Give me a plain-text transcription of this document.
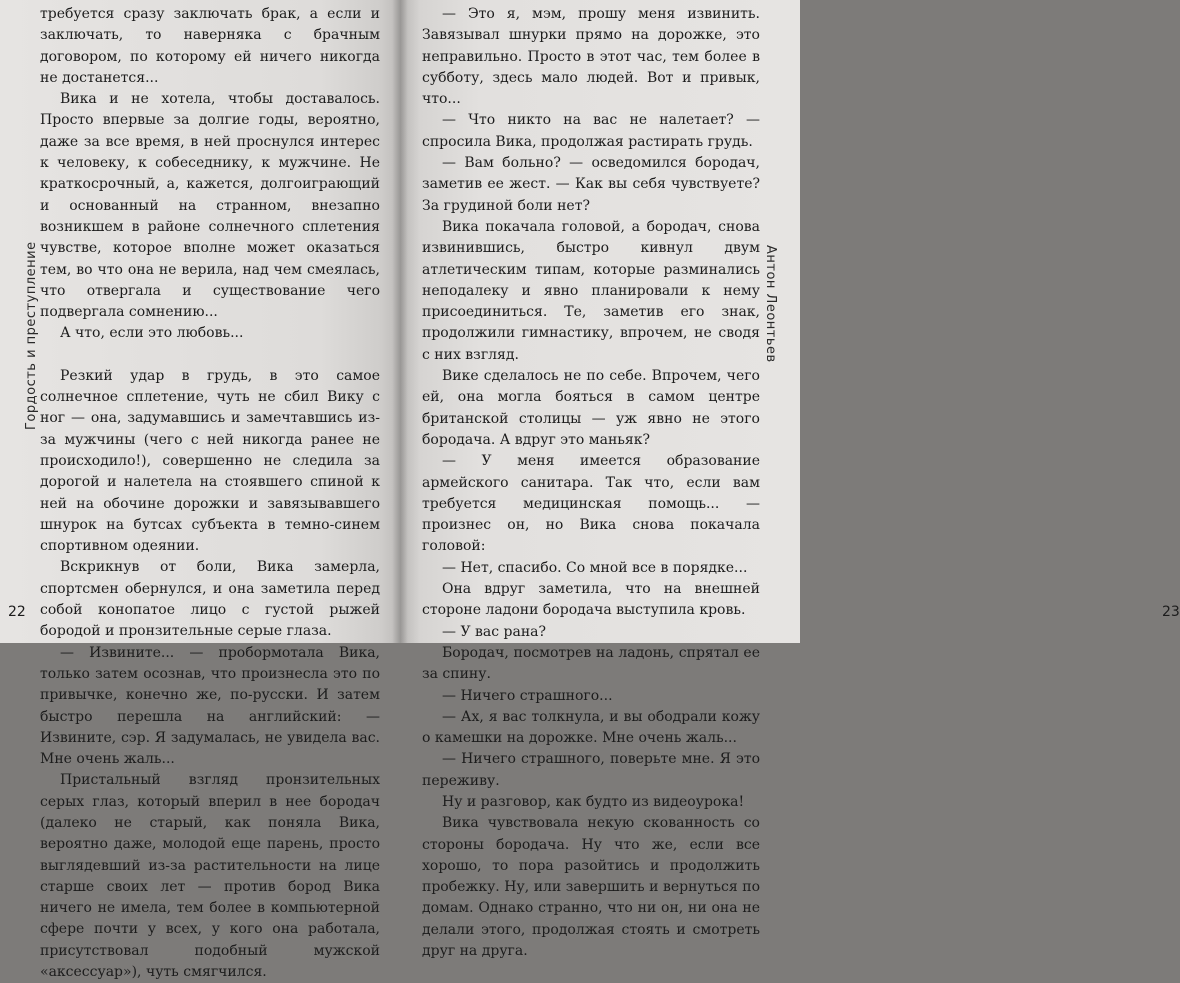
Гордость и преступление

требуется сразу заключать брак, а если и заключать, то наверняка с брачным договором, по которому ей ничего никогда не достанется...

Вика и не хотела, чтобы доставалось. Просто впервые за долгие годы, вероятно, даже за все время, в ней проснулся интерес к человеку, к собеседнику, к мужчине. Не краткосрочный, а, кажется, долгоиграющий и основанный на странном, внезапно возникшем в районе солнечного сплетения чувстве, которое вполне может оказаться тем, во что она не верила, над чем смеялась, что отвергала и существование чего подвергала сомнению...

А что, если это любовь...

Резкий удар в грудь, в это самое солнечное сплетение, чуть не сбил Вику с ног — она, задумавшись и замечтавшись из-за мужчины (чего с ней никогда ранее не происходило!), совершенно не следила за дорогой и налетела на стоявшего спиной к ней на обочине дорожки и завязывавшего шнурок на бутсах субъекта в темно-синем спортивном одеянии.

Вскрикнув от боли, Вика замерла, спортсмен обернулся, и она заметила перед собой конопатое лицо с густой рыжей бородой и пронзительные серые глаза.

— Извините... — пробормотала Вика, только затем осознав, что произнесла это по привычке, конечно же, по-русски. И затем быстро перешла на английский: — Извините, сэр. Я задумалась, не увидела вас. Мне очень жаль...

Пристальный взгляд пронзительных серых глаз, который вперил в нее бородач (далеко не старый, как поняла Вика, вероятно даже, молодой еще парень, просто выглядевший из-за растительности на лице старше своих лет — против бород Вика ничего не имела, тем более в компьютерной сфере почти у всех, у кого она работала, присутствовал подобный мужской «аксессуар»), чуть смягчился.

22

— Это я, мэм, прошу меня извинить. Завязывал шнурки прямо на дорожке, это неправильно. Просто в этот час, тем более в субботу, здесь мало людей. Вот и привык, что...

— Что никто на вас не налетает? — спросила Вика, продолжая растирать грудь.

— Вам больно? — осведомился бородач, заметив ее жест. — Как вы себя чувствуете? За грудиной боли нет?

Вика покачала головой, а бородач, снова извинившись, быстро кивнул двум атлетическим типам, которые разминались неподалеку и явно планировали к нему присоединиться. Те, заметив его знак, продолжили гимнастику, впрочем, не сводя с них взгляд.

Вике сделалось не по себе. Впрочем, чего ей, она могла бояться в самом центре британской столицы — уж явно не этого бородача. А вдруг это маньяк?

— У меня имеется образование армейского санитара. Так что, если вам требуется медицинская помощь... — произнес он, но Вика снова покачала головой:

— Нет, спасибо. Со мной все в порядке...

Она вдруг заметила, что на внешней стороне ладони бородача выступила кровь.

— У вас рана?

Бородач, посмотрев на ладонь, спрятал ее за спину.

— Ничего страшного...

— Ах, я вас толкнула, и вы ободрали кожу о камешки на дорожке. Мне очень жаль...

— Ничего страшного, поверьте мне. Я это переживу.

Ну и разговор, как будто из видеоурока!

Вика чувствовала некую скованность со стороны бородача. Ну что же, если все хорошо, то пора разойтись и продолжить пробежку. Ну, или завершить и вернуться по домам. Однако странно, что ни он, ни она не делали этого, продолжая стоять и смотреть друг на друга.

23
Антон Леонтьев
